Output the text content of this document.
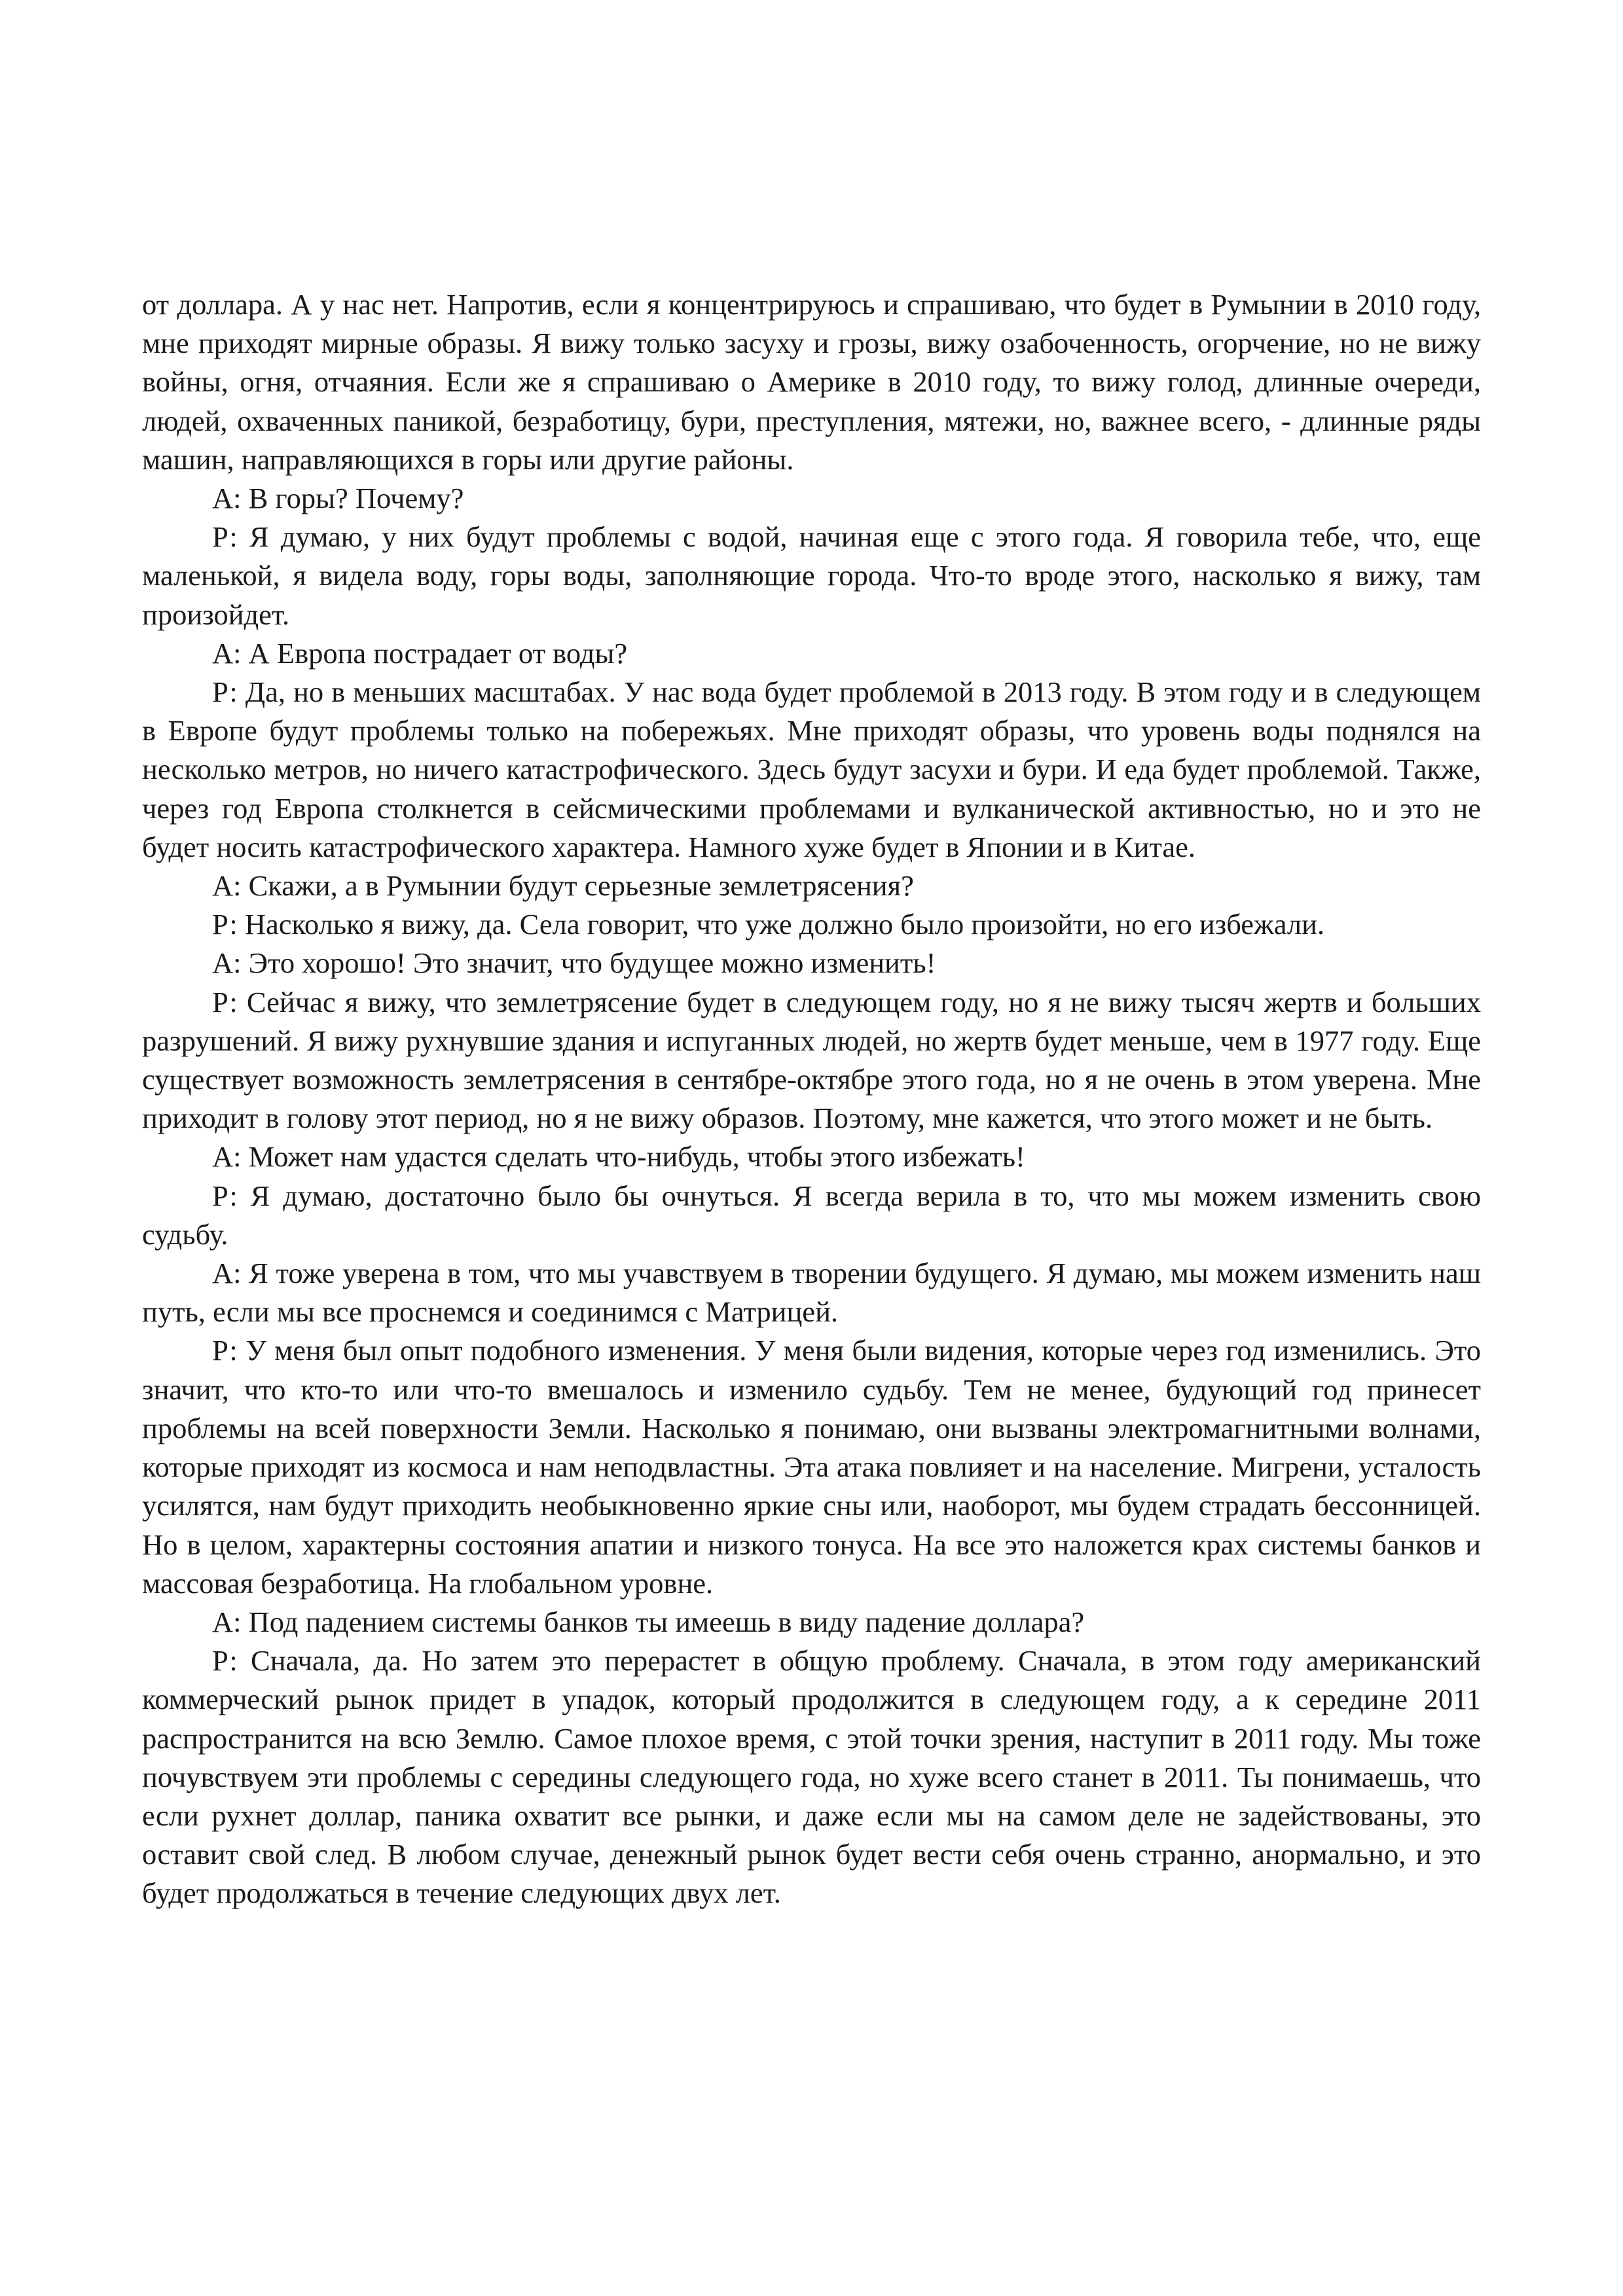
от доллара. А у нас нет. Напротив, если я концентрируюсь и спрашиваю, что будет в Румынии в 2010 году, мне приходят мирные образы. Я вижу только засуху и грозы, вижу озабоченность, огорчение, но не вижу войны, огня, отчаяния. Если же я спрашиваю о Америке в 2010 году, то вижу голод, длинные очереди, людей, охваченных паникой, безработицу, бури, преступления, мятежи, но, важнее всего, - длинные ряды машин, направляющихся в горы или другие районы.

А: В горы? Почему?

Р: Я думаю, у них будут проблемы с водой, начиная еще с этого года. Я говорила тебе, что, еще маленькой, я видела воду, горы воды, заполняющие города. Что-то вроде этого, насколько я вижу, там произойдет.

А: А Европа пострадает от воды?

Р: Да, но в меньших масштабах. У нас вода будет проблемой в 2013 году. В этом году и в следующем в Европе будут проблемы только на побережьях. Мне приходят образы, что уровень воды поднялся на несколько метров, но ничего катастрофического. Здесь будут засухи и бури. И еда будет проблемой. Также, через год Европа столкнется в сейсмическими проблемами и вулканической активностью, но и это не будет носить катастрофического характера. Намного хуже будет в Японии и в Китае.

А: Скажи, а в Румынии будут серьезные землетрясения?

Р: Насколько я вижу, да. Села говорит, что уже должно было произойти, но его избежали.

А: Это хорошо! Это значит, что будущее можно изменить!

Р: Сейчас я вижу, что землетрясение будет в следующем году, но я не вижу тысяч жертв и больших разрушений. Я вижу рухнувшие здания и испуганных людей, но жертв будет меньше, чем в 1977 году. Еще существует возможность землетрясения в сентябре-октябре этого года, но я не очень в этом уверена. Мне приходит в голову этот период, но я не вижу образов. Поэтому, мне кажется, что этого может и не быть.

А: Может нам удастся сделать что-нибудь, чтобы этого избежать!

Р: Я думаю, достаточно было бы очнуться. Я всегда верила в то, что мы можем изменить свою судьбу.

А: Я тоже уверена в том, что мы учавствуем в творении будущего. Я думаю, мы можем изменить наш путь, если мы все проснемся и соединимся с Матрицей.

Р: У меня был опыт подобного изменения. У меня были видения, которые через год изменились. Это значит, что кто-то или что-то вмешалось и изменило судьбу. Тем не менее, будующий год принесет проблемы на всей поверхности Земли. Насколько я понимаю, они вызваны электромагнитными волнами, которые приходят из космоса и нам неподвластны. Эта атака повлияет и на население. Мигрени, усталость усилятся, нам будут приходить необыкновенно яркие сны или, наоборот, мы будем страдать бессонницей. Но в целом, характерны состояния апатии и низкого тонуса. На все это наложется крах системы банков и массовая безработица. На глобальном уровне.

А: Под падением системы банков ты имеешь в виду падение доллара?

Р: Сначала, да. Но затем это перерастет в общую проблему. Сначала, в этом году американский коммерческий рынок придет в упадок, который продолжится в следующем году, а к середине 2011 распространится на всю Землю. Самое плохое время, с этой точки зрения, наступит в 2011 году. Мы тоже почувствуем эти проблемы с середины следующего года, но хуже всего станет в 2011. Ты понимаешь, что если рухнет доллар, паника охватит все рынки, и даже если мы на самом деле не задействованы, это оставит свой след. В любом случае, денежный рынок будет вести себя очень странно, анормально, и это будет продолжаться в течение следующих двух лет.
